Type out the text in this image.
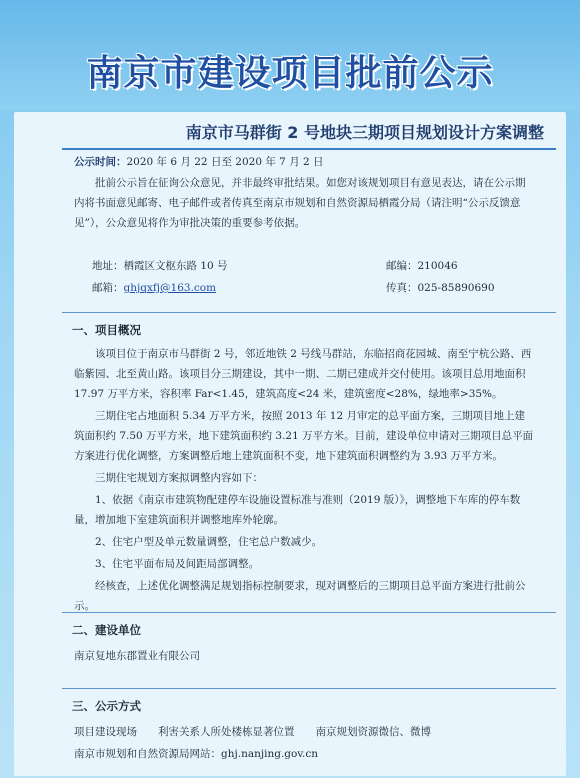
南京市建设项目批前公示
南京市马群街 2 号地块三期项目规划设计方案调整
公示时间：2020 年 6 月 22 日至 2020 年 7 月 2 日
批前公示旨在征询公众意见，并非最终审批结果。如您对该规划项目有意见表达，请在公示期内将书面意见邮寄、电子邮件或者传真至南京市规划和自然资源局栖霞分局（请注明“公示反馈意见”），公众意见将作为审批决策的重要参考依据。
地址：栖霞区文枢东路 10 号	邮编：210046
邮箱：ghjqxfj@163.com	传真：025-85890690
一、项目概况
该项目位于南京市马群街 2 号，邻近地铁 2 号线马群站，东临招商花园城、南至宁杭公路、西临紫园、北至黄山路。该项目分三期建设，其中一期、二期已建成并交付使用。该项目总用地面积 17.97 万平方米，容积率 Far<1.45，建筑高度<24 米，建筑密度<28%，绿地率>35%。
三期住宅占地面积 5.34 万平方米，按照 2013 年 12 月审定的总平面方案，三期项目地上建筑面积约 7.50 万平方米，地下建筑面积约 3.21 万平方米。目前，建设单位申请对三期项目总平面方案进行优化调整，方案调整后地上建筑面积不变，地下建筑面积调整约为 3.93 万平方米。
三期住宅规划方案拟调整内容如下：
1、依据《南京市建筑物配建停车设施设置标准与准则（2019 版）》，调整地下车库的停车数量，增加地下室建筑面积并调整地库外轮廓。
2、住宅户型及单元数量调整，住宅总户数减少。
3、住宅平面布局及间距局部调整。
经核查，上述优化调整满足规划指标控制要求，现对调整后的三期项目总平面方案进行批前公示。
二、建设单位
南京复地东郡置业有限公司
三、公示方式
项目建设现场　　利害关系人所处楼栋显著位置　　南京规划资源微信、微博
南京市规划和自然资源局网站：ghj.nanjing.gov.cn
